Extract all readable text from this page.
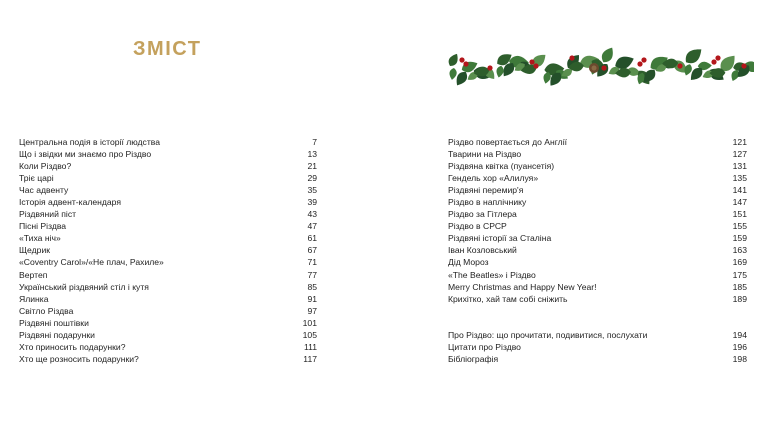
ЗМІСТ
Центральна подія в історії людства	7
Що і звідки ми знаємо про Різдво	13
Коли Різдво?	21
Тріє царі	29
Час адвенту	35
Історія адвент-календаря	39
Різдвяний піст	43
Пісні Різдва	47
«Тиха ніч»	61
Щедрик	67
«Coventry Carol»/«Не плач, Рахиле»	71
Вертеп	77
Український різдвяний стіл і кутя	85
Ялинка	91
Світло Різдва	97
Різдвяні поштівки	101
Різдвяні подарунки	105
Хто приносить подарунки?	111
Хто ще розносить подарунки?	117
Різдво повертається до Англії	121
Тварини на Різдво	127
Різдвяна квітка (пуансетія)	131
Гендель хор «Алилуя»	135
Різдвяні перемир'я	141
Різдво в наплічнику	147
Різдво за Гітлера	151
Різдво в СРСР	155
Різдвяні історії за Сталіна	159
Іван Козловський	163
Дід Мороз	169
«The Beatles» і Різдво	175
Merry Christmas and Happy New Year!	185
Крихітко, хай там собі сніжить	189
Про Різдво: що прочитати, подивитися, послухати	194
Цитати про Різдво	196
Бібліографія	198
